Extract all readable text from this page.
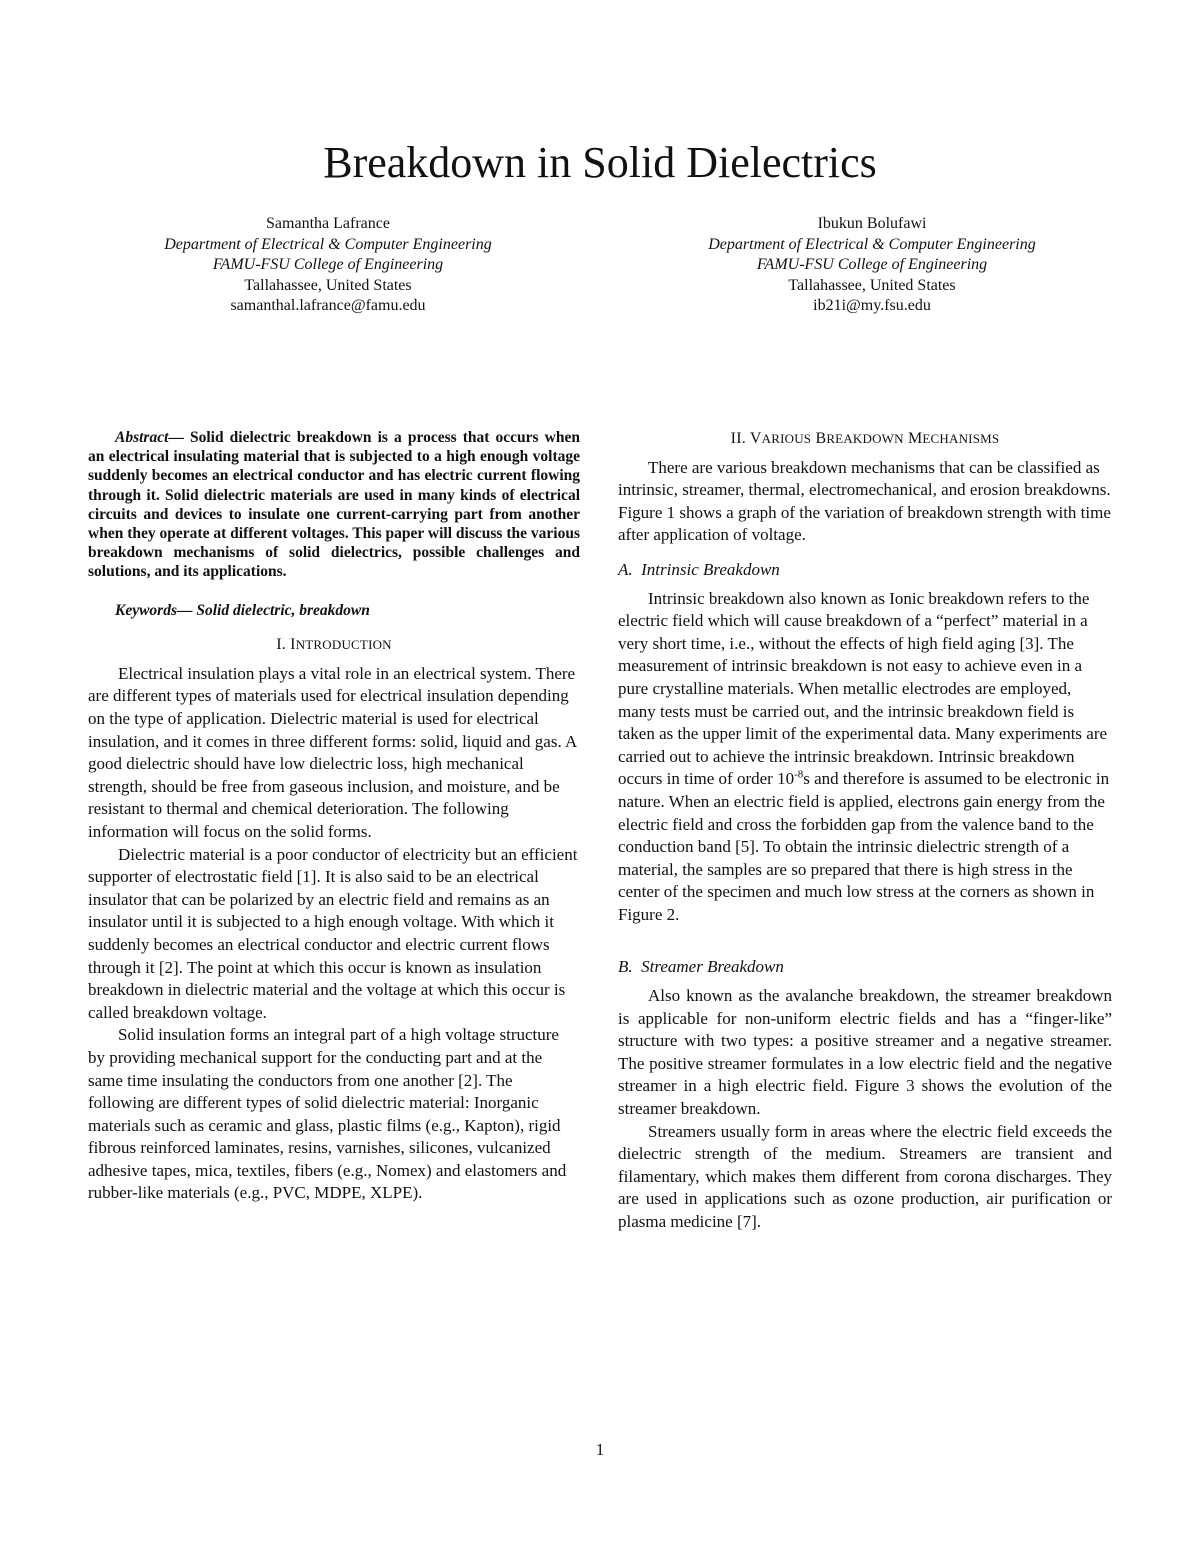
Breakdown in Solid Dielectrics
Samantha Lafrance
Department of Electrical & Computer Engineering
FAMU-FSU College of Engineering
Tallahassee, United States
samanthal.lafrance@famu.edu
Ibukun Bolufawi
Department of Electrical & Computer Engineering
FAMU-FSU College of Engineering
Tallahassee, United States
ib21i@my.fsu.edu

Abstract— Solid dielectric breakdown is a process that occurs when an electrical insulating material that is subjected to a high enough voltage suddenly becomes an electrical conductor and has electric current flowing through it. Solid dielectric materials are used in many kinds of electrical circuits and devices to insulate one current-carrying part from another when they operate at different voltages. This paper will discuss the various breakdown mechanisms of solid dielectrics, possible challenges and solutions, and its applications.

Keywords— Solid dielectric, breakdown

I. INTRODUCTION

Electrical insulation plays a vital role in an electrical system. There are different types of materials used for electrical insulation depending on the type of application. Dielectric material is used for electrical insulation, and it comes in three different forms: solid, liquid and gas. A good dielectric should have low dielectric loss, high mechanical strength, should be free from gaseous inclusion, and moisture, and be resistant to thermal and chemical deterioration. The following information will focus on the solid forms.

Dielectric material is a poor conductor of electricity but an efficient supporter of electrostatic field [1]. It is also said to be an electrical insulator that can be polarized by an electric field and remains as an insulator until it is subjected to a high enough voltage. With which it suddenly becomes an electrical conductor and electric current flows through it [2]. The point at which this occur is known as insulation breakdown in dielectric material and the voltage at which this occur is called breakdown voltage.

Solid insulation forms an integral part of a high voltage structure by providing mechanical support for the conducting part and at the same time insulating the conductors from one another [2]. The following are different types of solid dielectric material: Inorganic materials such as ceramic and glass, plastic films (e.g., Kapton), rigid fibrous reinforced laminates, resins, varnishes, silicones, vulcanized adhesive tapes, mica, textiles, fibers (e.g., Nomex) and elastomers and rubber-like materials (e.g., PVC, MDPE, XLPE).

II. VARIOUS BREAKDOWN MECHANISMS

There are various breakdown mechanisms that can be classified as intrinsic, streamer, thermal, electromechanical, and erosion breakdowns. Figure 1 shows a graph of the variation of breakdown strength with time after application of voltage.

A. Intrinsic Breakdown

Intrinsic breakdown also known as Ionic breakdown refers to the electric field which will cause breakdown of a “perfect” material in a very short time, i.e., without the effects of high field aging [3]. The measurement of intrinsic breakdown is not easy to achieve even in a pure crystalline materials. When metallic electrodes are employed, many tests must be carried out, and the intrinsic breakdown field is taken as the upper limit of the experimental data. Many experiments are carried out to achieve the intrinsic breakdown. Intrinsic breakdown occurs in time of order $10^{-8}s$ and therefore is assumed to be electronic in nature. When an electric field is applied, electrons gain energy from the electric field and cross the forbidden gap from the valence band to the conduction band [5]. To obtain the intrinsic dielectric strength of a material, the samples are so prepared that there is high stress in the center of the specimen and much low stress at the corners as shown in Figure 2.

B. Streamer Breakdown

Also known as the avalanche breakdown, the streamer breakdown is applicable for non-uniform electric fields and has a “finger-like” structure with two types: a positive streamer and a negative streamer. The positive streamer formulates in a low electric field and the negative streamer in a high electric field. Figure 3 shows the evolution of the streamer breakdown.

Streamers usually form in areas where the electric field exceeds the dielectric strength of the medium. Streamers are transient and filamentary, which makes them different from corona discharges. They are used in applications such as ozone production, air purification or plasma medicine [7].

1
